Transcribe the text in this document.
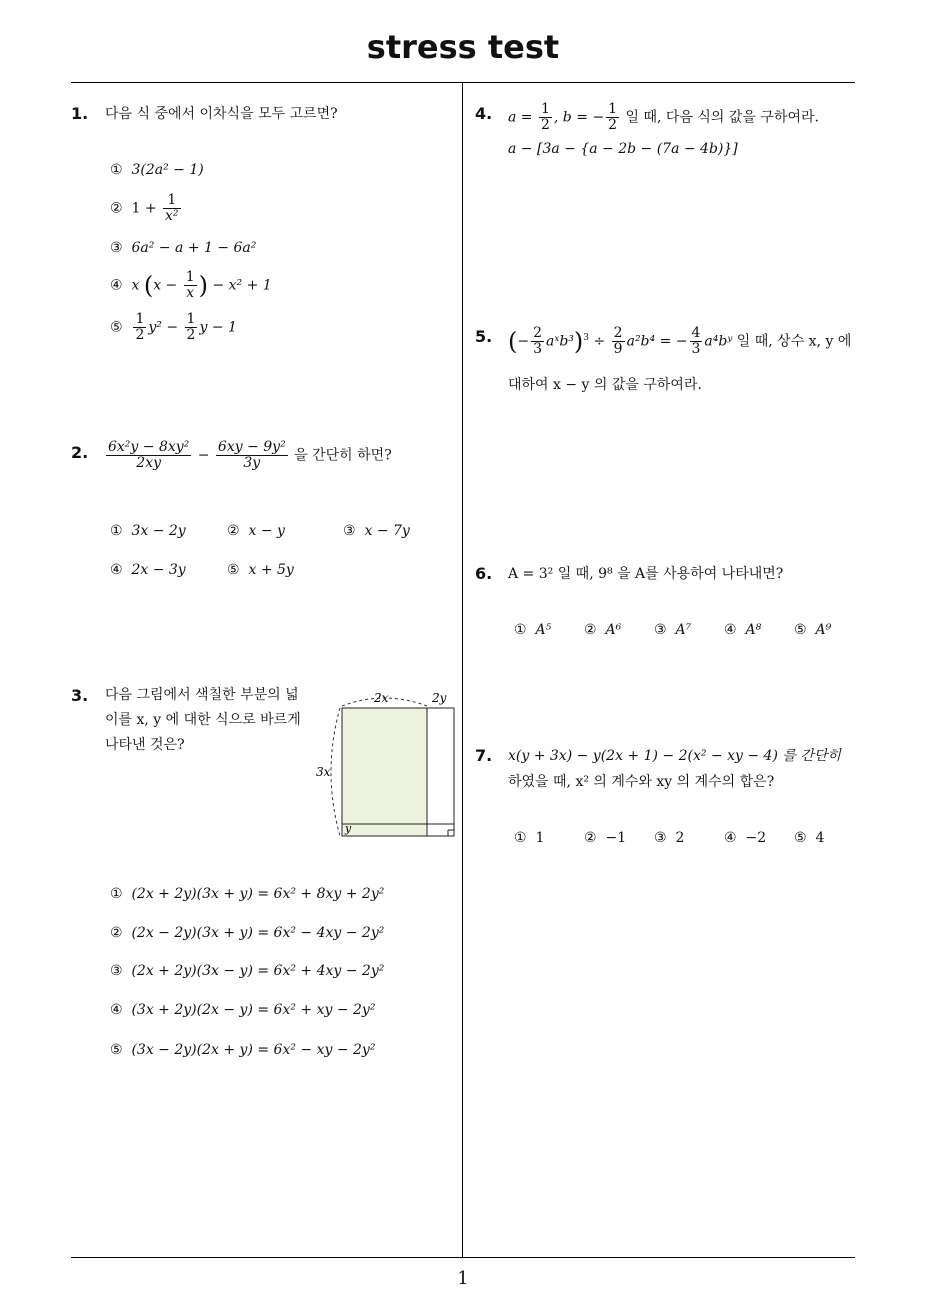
stress test
1
1. 다음 식 중에서 이차식을 모두 고르면?
① 3(2a² − 1)
② $1 + \frac{1}{\text{x²}}$
③ 6a² − a + 1 − 6a²
④ x ($x - \frac{1}{x}$ ) − x² + 1
⑤ $\frac{1}{2} y^2 - \frac{1}{2}$ y − 1
2. $\frac{\text{6x²y − 8xy²}}{2xy} - \frac{\text{6xy − 9y²}}{3y}$ 을 간단히 하면?
① 3x − 2y	② x − y	③ x − 7y
④ 2x − 3y	⑤ x + 5y
3. 다음 그림에서 색칠한 부분의 넓이를 x, y 에 대한 식으로 바르게 나타낸 것은?
2x	2y
3x
y
① (2x + 2y)(3x + y) = 6x² + 8xy + 2y²
② (2x − 2y)(3x + y) = 6x² − 4xy − 2y²
③ (2x + 2y)(3x − y) = 6x² + 4xy − 2y²
④ (3x + 2y)(2x − y) = 6x² + xy − 2y²
⑤ (3x − 2y)(2x + y) = 6x² − xy − 2y²
4. $a = \frac{1}{2}$ , b = − $\frac{1}{2}$ 일 때, 다음 식의 값을 구하여라.
a − [3a − {a − 2b − (7a − 4b)}]
5. (− $\frac{2}{3}$ aˣb³)$^3$ ÷ $\frac{2}{9} a^2b^4$ = − $\frac{4}{3}$ a⁴bʸ 일 때, 상수 x, y 에
대하여 x − y 의 값을 구하여라.
6. A = 3² 일 때, 9⁸ 을 A를 사용하여 나타내면?
① A⁵ ② A⁶ ③ A⁷ ④ A⁸ ⑤ A⁹
7. x(y + 3x) − y(2x + 1) − 2(x² − xy − 4) 를 간단히
하였을 때, x² 의 계수와 xy 의 계수의 합은?
① 1	② −1 ③ 2	④ −2 ⑤ 4
